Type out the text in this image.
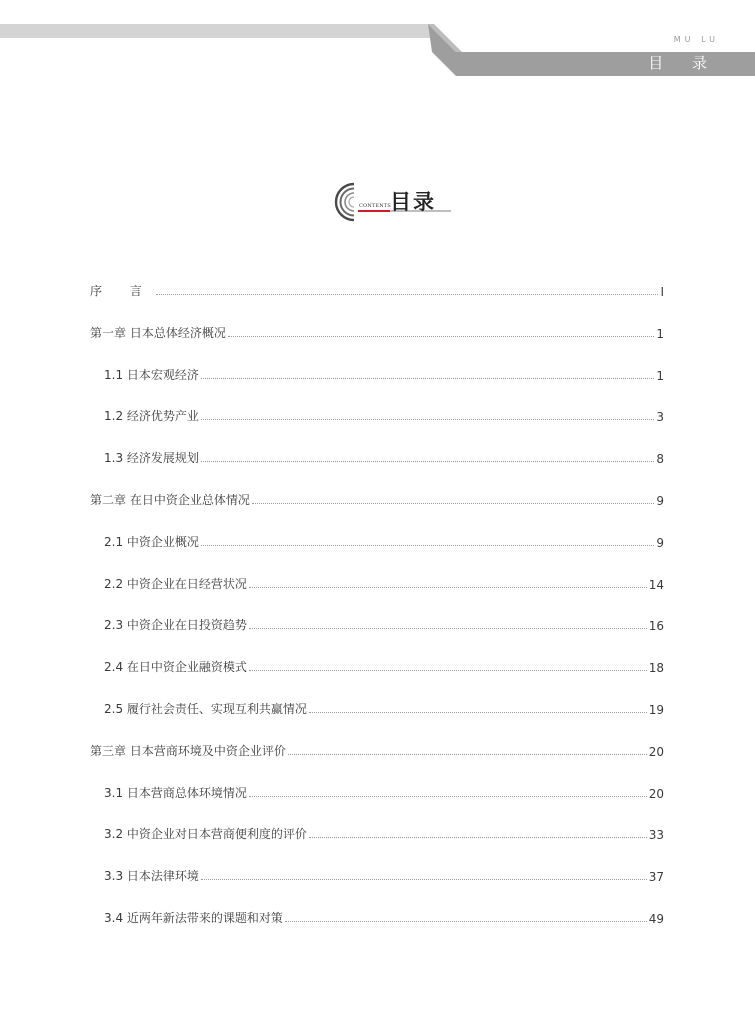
MU LU
目 录
目录
CONTENTS
序 言	I
第一章 日本总体经济概况	1
1.1 日本宏观经济	1
1.2 经济优势产业	3
1.3 经济发展规划	8
第二章 在日中资企业总体情况	9
2.1 中资企业概况	9
2.2 中资企业在日经营状况	14
2.3 中资企业在日投资趋势	16
2.4 在日中资企业融资模式	18
2.5 履行社会责任、实现互利共赢情况	19
第三章 日本营商环境及中资企业评价	20
3.1 日本营商总体环境情况	20
3.2 中资企业对日本营商便利度的评价	33
3.3 日本法律环境	37
3.4 近两年新法带来的课题和对策	49
